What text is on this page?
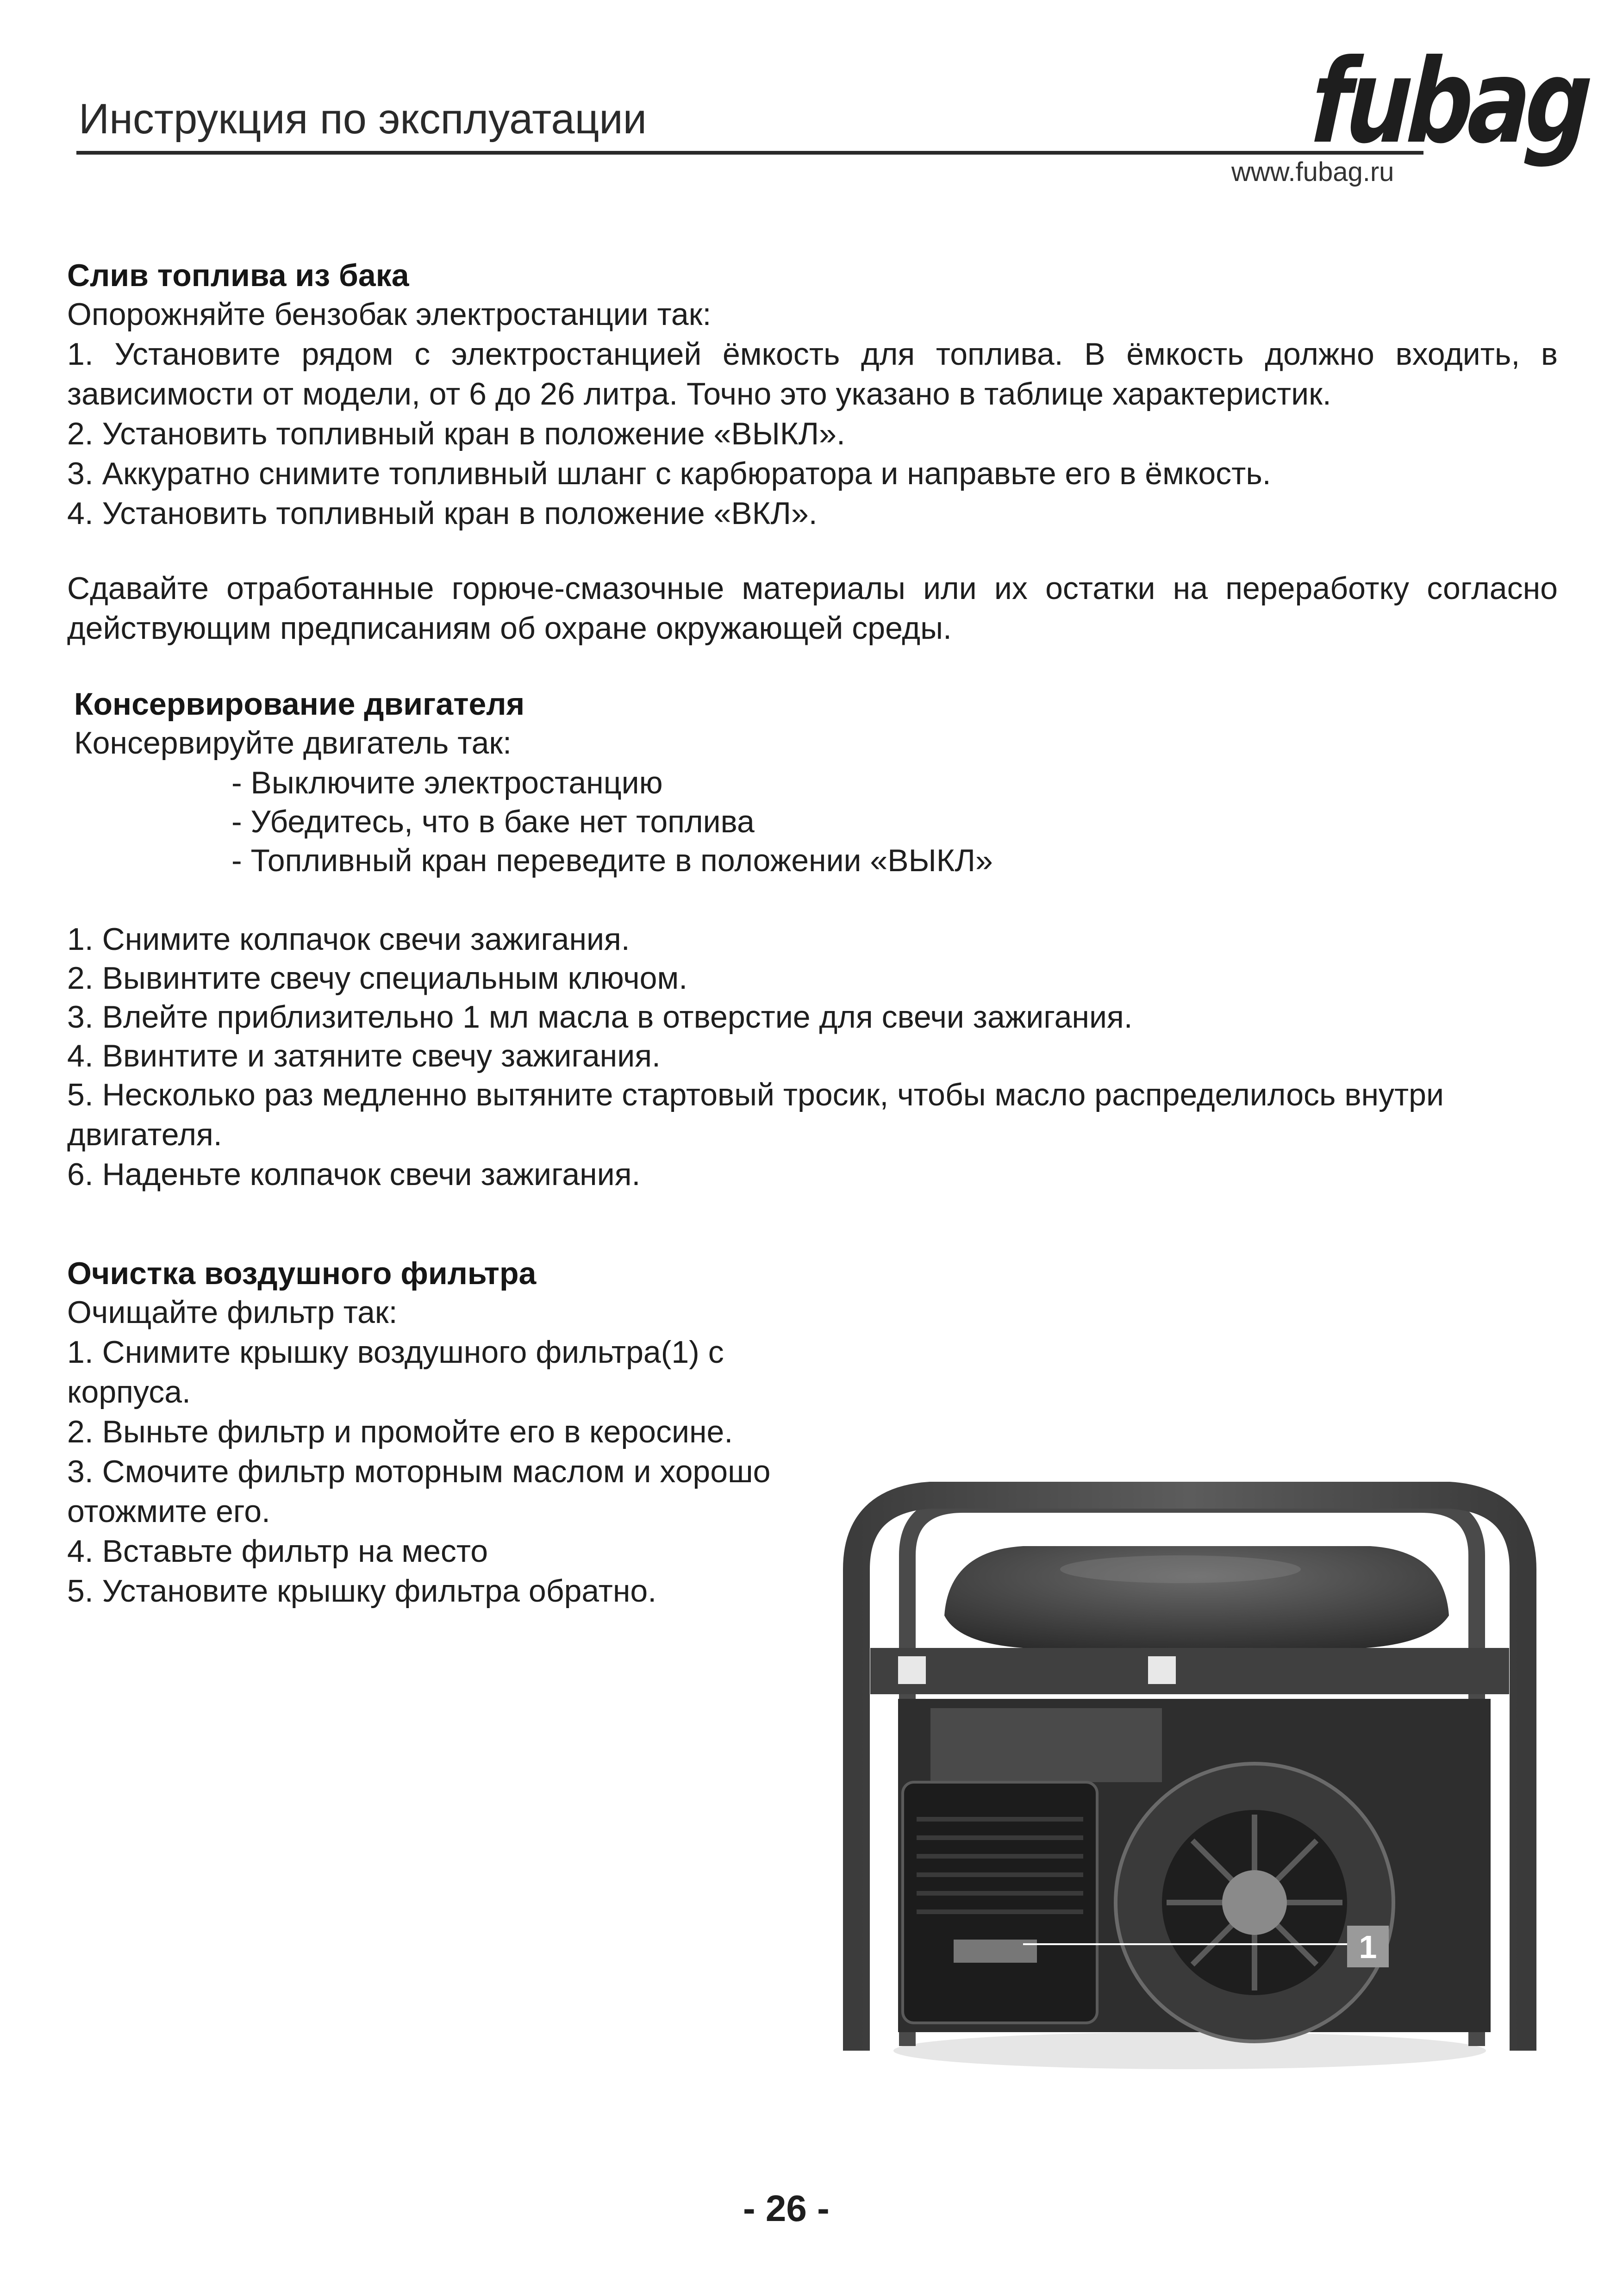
Инструкция по эксплуатации	fubag
www.fubag.ru
Слив топлива из бака
Опорожняйте бензобак электростанции так:
1. Установите рядом с электростанцией ёмкость для топлива. В ёмкость должно входить, в зависимости от модели, от 6 до 26 литра. Точно это указано в таблице характеристик.
2. Установить топливный кран в положение «ВЫКЛ».
3. Аккуратно снимите топливный шланг с карбюратора и направьте его в ёмкость.
4. Установить топливный кран в положение «ВКЛ».
Сдавайте отработанные горюче-смазочные материалы или их остатки на переработку согласно действующим предписаниям об охране окружающей среды.
Консервирование двигателя
Консервируйте двигатель так:
- Выключите электростанцию
- Убедитесь, что в баке нет топлива
- Топливный кран переведите в положении «ВЫКЛ»
1. Снимите колпачок свечи зажигания.
2. Вывинтите свечу специальным ключом.
3. Влейте приблизительно 1 мл масла в отверстие для свечи зажигания.
4. Ввинтите и затяните свечу зажигания.
5. Несколько раз медленно вытяните стартовый тросик, чтобы масло распределилось внутри двигателя.
6. Наденьте колпачок свечи зажигания.
Очистка воздушного фильтра
Очищайте фильтр так:
1. Снимите крышку воздушного фильтра(1) с корпуса.
2. Выньте фильтр и промойте его в керосине.
3. Смочите фильтр моторным маслом и хорошо отожмите его.
4. Вставьте фильтр на место
5. Установите крышку фильтра обратно.
1
- 26 -
